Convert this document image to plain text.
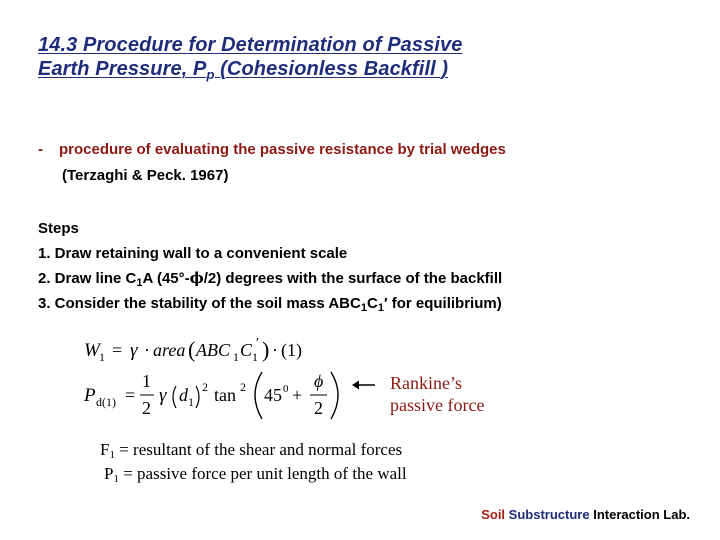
14.3 Procedure for Determination of Passive
Earth Pressure, $P_p$ (Cohesionless Backfill )
- procedure of evaluating the passive resistance by trial wedges
(Terzaghi & Peck. 1967)
Steps
1. Draw retaining wall to a convenient scale
2. Draw line $C_1A$ (45°-ϕ/2) degrees with the surface of the backfill
3. Consider the stability of the soil mass $ABC_1C_1'$ for equilibrium)
W 1 = γ · area ( ABC 1 C 1
′ ) · (1)
P d(1) =
1
2
γ d 1
2 tan 2 45 0 +
ϕ
2
Rankine’s
passive force
$F_1$ = resultant of the shear and normal forces
$P_1$ = passive force per unit length of the wall
Soil Substructure Interaction Lab.
